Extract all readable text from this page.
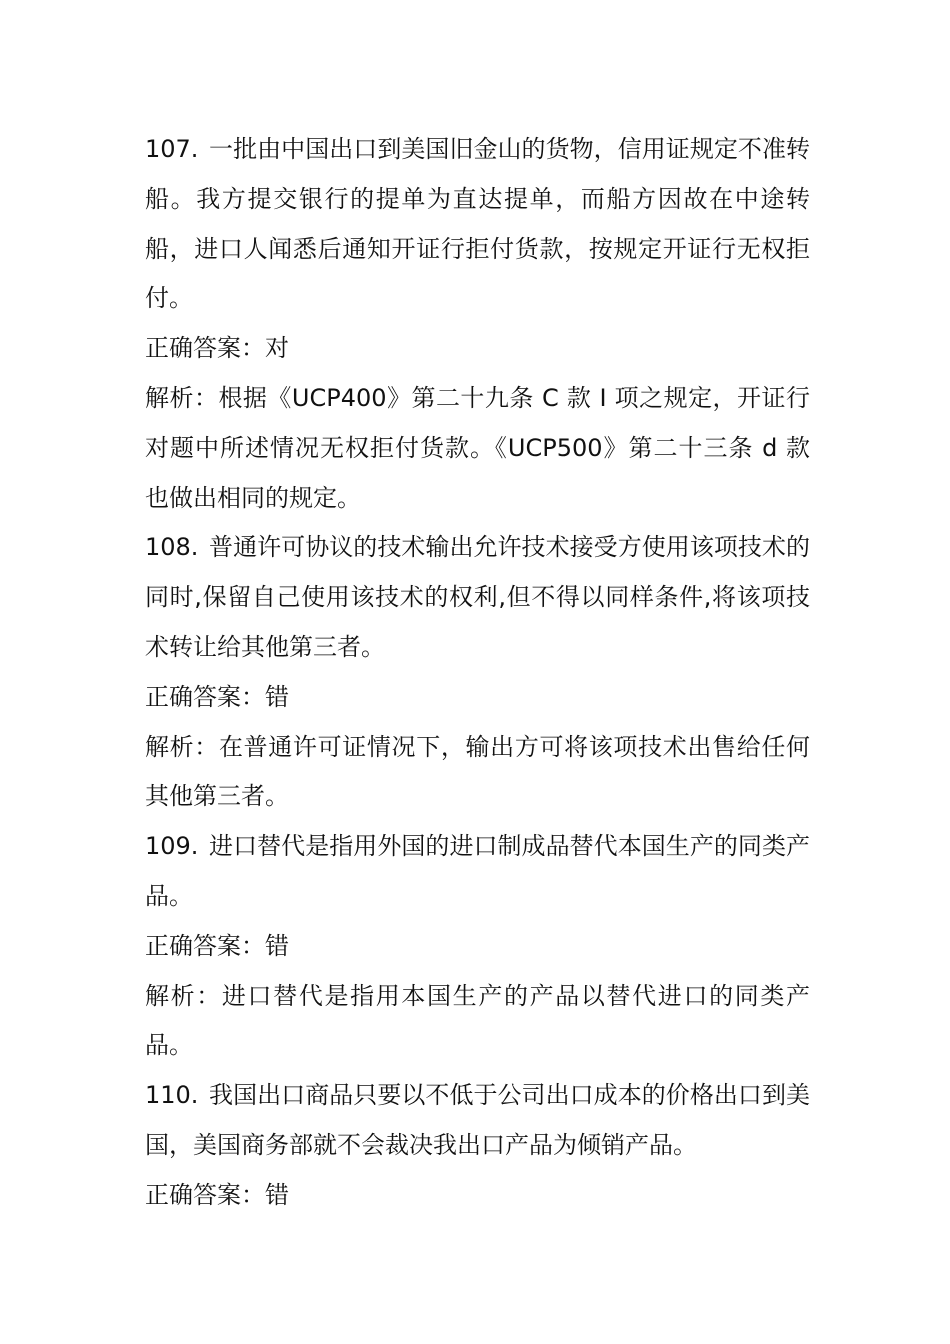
107. 一批由中国出口到美国旧金山的货物，信用证规定不准转船。我方提交银行的提单为直达提单，而船方因故在中途转船，进口人闻悉后通知开证行拒付货款，按规定开证行无权拒付。

正确答案：对

解析：根据《UCP400》第二十九条 C 款 I 项之规定，开证行对题中所述情况无权拒付货款。《UCP500》第二十三条 d 款也做出相同的规定。

108. 普通许可协议的技术输出允许技术接受方使用该项技术的同时,保留自己使用该技术的权利,但不得以同样条件,将该项技术转让给其他第三者。

正确答案：错

解析：在普通许可证情况下，输出方可将该项技术出售给任何其他第三者。

109. 进口替代是指用外国的进口制成品替代本国生产的同类产品。

正确答案：错

解析：进口替代是指用本国生产的产品以替代进口的同类产品。

110. 我国出口商品只要以不低于公司出口成本的价格出口到美国，美国商务部就不会裁决我出口产品为倾销产品。

正确答案：错
